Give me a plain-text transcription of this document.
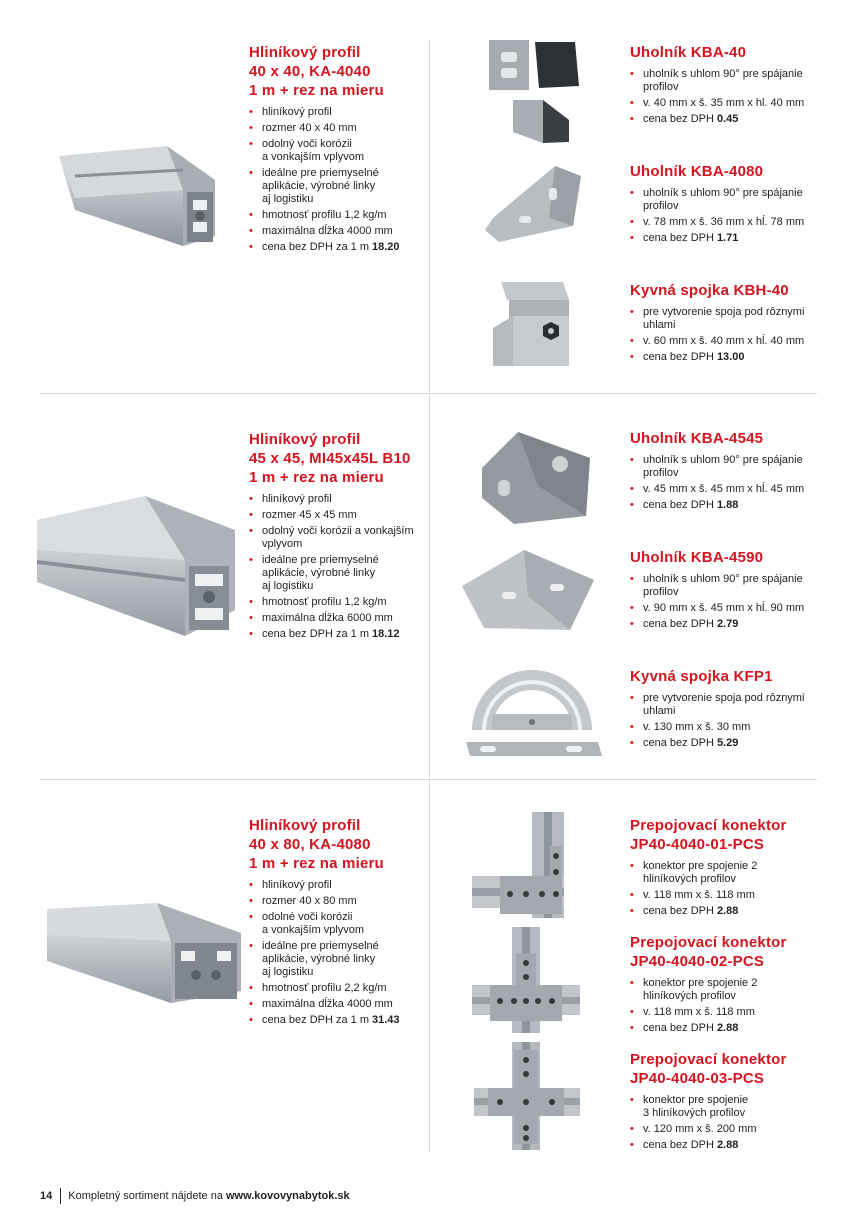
Hliníkový profil
40 x 40, KA-4040
1 m + rez na mieru
• hliníkový profil
• rozmer 40 x 40 mm
• odolný voči korózii
a vonkajším vplyvom
• ideálne pre priemyselné
aplikácie, výrobné linky
aj logistiku
• hmotnosť profilu 1,2 kg/m
• maximálna dĺžka 4000 mm
• cena bez DPH za 1 m 18.20
Hliníkový profil
45 x 45, MI45x45L B10
1 m + rez na mieru
• hliníkový profil
• rozmer 45 x 45 mm
• odolný voči korózii a vonkajším
vplyvom
• ideálne pre priemyselné
aplikácie, výrobné linky
aj logistiku
• hmotnosť profilu 1,2 kg/m
• maximálna dĺžka 6000 mm
• cena bez DPH za 1 m 18.12
Hliníkový profil
40 x 80, KA-4080
1 m + rez na mieru
• hliníkový profil
• rozmer 40 x 80 mm
• odolné voči korózii
a vonkajším vplyvom
• ideálne pre priemyselné
aplikácie, výrobné linky
aj logistiku
• hmotnosť profilu 2,2 kg/m
• maximálna dĺžka 4000 mm
• cena bez DPH za 1 m 31.43
Uholník KBA-40
• uholník s uhlom 90° pre spájanie
profilov
• v. 40 mm x š. 35 mm x hl. 40 mm
• cena bez DPH 0.45
Uholník KBA-4080
• uholník s uhlom 90° pre spájanie
profilov
• v. 78 mm x š. 36 mm x hĺ. 78 mm
• cena bez DPH 1.71
Kyvná spojka KBH-40
• pre vytvorenie spoja pod rôznymi
uhlami
• v. 60 mm x š. 40 mm x hĺ. 40 mm
• cena bez DPH 13.00
Uholník KBA-4545
• uholník s uhlom 90° pre spájanie
profilov
• v. 45 mm x š. 45 mm x hĺ. 45 mm
• cena bez DPH 1.88
Uholník KBA-4590
• uholník s uhlom 90° pre spájanie
profilov
• v. 90 mm x š. 45 mm x hĺ. 90 mm
• cena bez DPH 2.79
Kyvná spojka KFP1
• pre vytvorenie spoja pod rôznymi
uhlami
• v. 130 mm x š. 30 mm
• cena bez DPH 5.29
Prepojovací konektor
JP40-4040-01-PCS
• konektor pre spojenie 2
hliníkových profilov
• v. 118 mm x š. 118 mm
• cena bez DPH 2.88
Prepojovací konektor
JP40-4040-02-PCS
• konektor pre spojenie 2
hliníkových profilov
• v. 118 mm x š. 118 mm
• cena bez DPH 2.88
Prepojovací konektor
JP40-4040-03-PCS
• konektor pre spojenie
3 hliníkových profilov
• v. 120 mm x š. 200 mm
• cena bez DPH 2.88
14 Kompletný sortiment nájdete na www.kovovynabytok.sk
